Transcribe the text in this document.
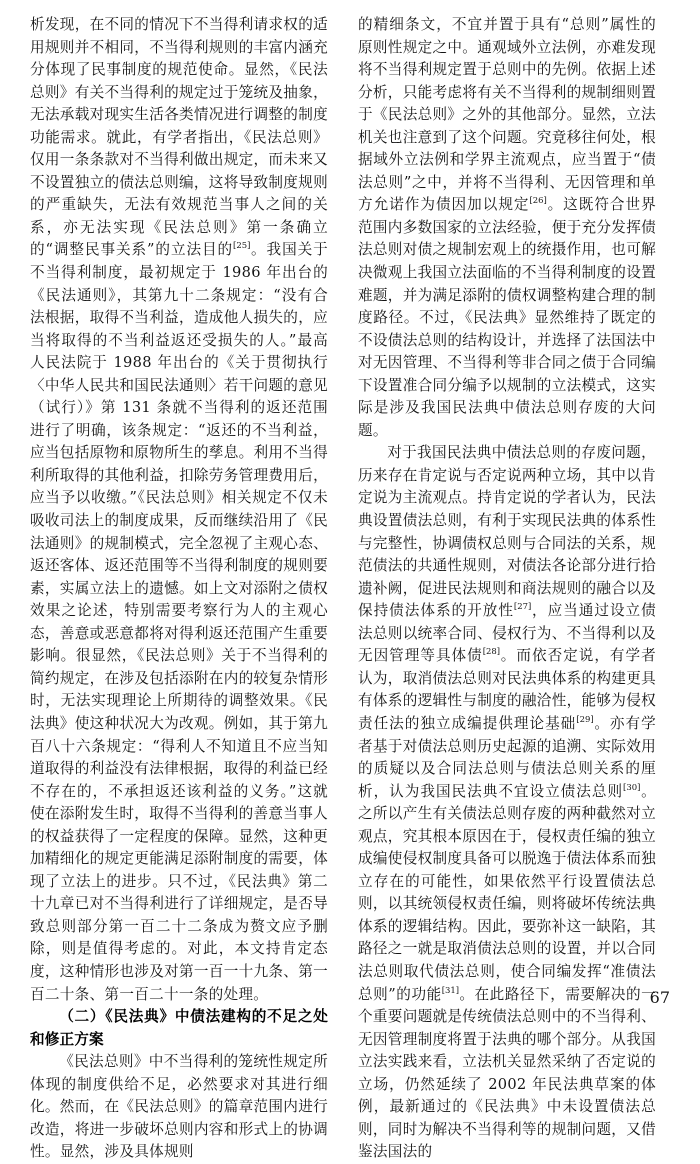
析发现，在不同的情况下不当得利请求权的适用规则并不相同，不当得利规则的丰富内涵充分体现了民事制度的规范使命。显然，《民法总则》有关不当得利的规定过于笼统及抽象，无法承载对现实生活各类情况进行调整的制度功能需求。就此，有学者指出，《民法总则》仅用一条条款对不当得利做出规定，而未来又不设置独立的债法总则编，这将导致制度规则的严重缺失，无法有效规范当事人之间的关系，亦无法实现《民法总则》第一条确立的“调整民事关系”的立法目的[25]。我国关于不当得利制度，最初规定于 1986 年出台的《民法通则》，其第九十二条规定：“没有合法根据，取得不当利益，造成他人损失的，应当将取得的不当利益返还受损失的人。”最高人民法院于 1988 年出台的《关于贯彻执行〈中华人民共和国民法通则〉若干问题的意见（试行）》第 131 条就不当得利的返还范围进行了明确，该条规定：“返还的不当利益，应当包括原物和原物所生的孳息。利用不当得利所取得的其他利益，扣除劳务管理费用后，应当予以收缴。”《民法总则》相关规定不仅未吸收司法上的制度成果，反而继续沿用了《民法通则》的规制模式，完全忽视了主观心态、返还客体、返还范围等不当得利制度的规则要素，实属立法上的遗憾。如上文对添附之债权效果之论述，特别需要考察行为人的主观心态，善意或恶意都将对得利返还范围产生重要影响。很显然，《民法总则》关于不当得利的简约规定，在涉及包括添附在内的较复杂情形时，无法实现理论上所期待的调整效果。《民法典》使这种状况大为改观。例如，其于第九百八十六条规定：“得利人不知道且不应当知道取得的利益没有法律根据，取得的利益已经不存在的，不承担返还该利益的义务。”这就使在添附发生时，取得不当得利的善意当事人的权益获得了一定程度的保障。显然，这种更加精细化的规定更能满足添附制度的需要，体现了立法上的进步。只不过，《民法典》第二十九章已对不当得利进行了详细规定，是否导致总则部分第一百二十二条成为赘文应予删除，则是值得考虑的。对此，本文持肯定态度，这种情形也涉及对第一百一十九条、第一百二十条、第一百二十一条的处理。

（二）《民法典》中债法建构的不足之处和修正方案

《民法总则》中不当得利的笼统性规定所体现的制度供给不足，必然要求对其进行细化。然而，在《民法总则》的篇章范围内进行改造，将进一步破坏总则内容和形式上的协调性。显然，涉及具体规则

的精细条文，不宜并置于具有“总则”属性的原则性规定之中。通观域外立法例，亦难发现将不当得利规定置于总则中的先例。依据上述分析，只能考虑将有关不当得利的规制细则置于《民法总则》之外的其他部分。显然，立法机关也注意到了这个问题。究竟移往何处，根据域外立法例和学界主流观点，应当置于“债法总则”之中，并将不当得利、无因管理和单方允诺作为债因加以规定[26]。这既符合世界范围内多数国家的立法经验，便于充分发挥债法总则对债之规制宏观上的统摄作用，也可解决微观上我国立法面临的不当得利制度的设置难题，并为满足添附的债权调整构建合理的制度路径。不过，《民法典》显然维持了既定的不设债法总则的结构设计，并选择了法国法中对无因管理、不当得利等非合同之债于合同编下设置准合同分编予以规制的立法模式，这实际是涉及我国民法典中债法总则存废的大问题。

对于我国民法典中债法总则的存废问题，历来存在肯定说与否定说两种立场，其中以肯定说为主流观点。持肯定说的学者认为，民法典设置债法总则，有利于实现民法典的体系性与完整性，协调债权总则与合同法的关系，规范债法的共通性规则，对债法各论部分进行拾遗补阙，促进民法规则和商法规则的融合以及保持债法体系的开放性[27]，应当通过设立债法总则以统率合同、侵权行为、不当得利以及无因管理等具体债[28]。而依否定说，有学者认为，取消债法总则对民法典体系的构建更具有体系的逻辑性与制度的融洽性，能够为侵权责任法的独立成编提供理论基础[29]。亦有学者基于对债法总则历史起源的追溯、实际效用的质疑以及合同法总则与债法总则关系的厘析，认为我国民法典不宜设立债法总则[30]。之所以产生有关债法总则存废的两种截然对立观点，究其根本原因在于，侵权责任编的独立成编使侵权制度具备可以脱逸于债法体系而独立存在的可能性，如果依然平行设置债法总则，以其统领侵权责任编，则将破坏传统法典体系的逻辑结构。因此，要弥补这一缺陷，其路径之一就是取消债法总则的设置，并以合同法总则取代债法总则，使合同编发挥“准债法总则”的功能[31]。在此路径下，需要解决的一个重要问题就是传统债法总则中的不当得利、无因管理制度将置于法典的哪个部分。从我国立法实践来看，立法机关显然采纳了否定说的立场，仍然延续了 2002 年民法典草案的体例，最新通过的《民法典》中未设置债法总则，同时为解决不当得利等的规制问题，又借鉴法国法的

67
